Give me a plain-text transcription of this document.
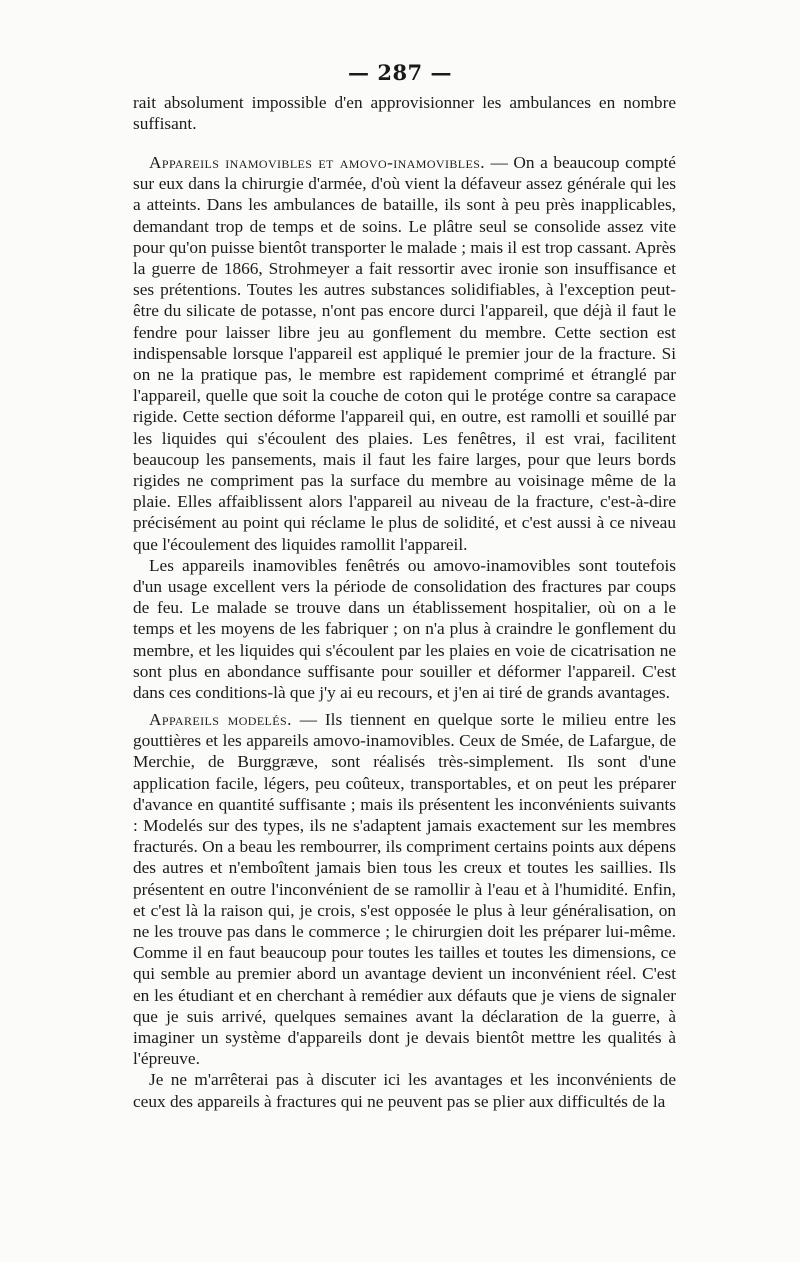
— 287 —

rait absolument impossible d'en approvisionner les ambulances en nombre suffisant.

Appareils inamovibles et amovo-inamovibles. — On a beaucoup compté sur eux dans la chirurgie d'armée, d'où vient la défaveur assez générale qui les a atteints. Dans les ambulances de bataille, ils sont à peu près inapplicables, demandant trop de temps et de soins. Le plâtre seul se consolide assez vite pour qu'on puisse bientôt transporter le malade ; mais il est trop cassant. Après la guerre de 1866, Strohmeyer a fait ressortir avec ironie son insuffisance et ses prétentions. Toutes les autres substances solidifiables, à l'exception peut-être du silicate de potasse, n'ont pas encore durci l'appareil, que déjà il faut le fendre pour laisser libre jeu au gonflement du membre. Cette section est indispensable lorsque l'appareil est appliqué le premier jour de la fracture. Si on ne la pratique pas, le membre est rapidement comprimé et étranglé par l'appareil, quelle que soit la couche de coton qui le protége contre sa carapace rigide. Cette section déforme l'appareil qui, en outre, est ramolli et souillé par les liquides qui s'écoulent des plaies. Les fenêtres, il est vrai, facilitent beaucoup les pansements, mais il faut les faire larges, pour que leurs bords rigides ne compriment pas la surface du membre au voisinage même de la plaie. Elles affaiblissent alors l'appareil au niveau de la fracture, c'est-à-dire précisément au point qui réclame le plus de solidité, et c'est aussi à ce niveau que l'écoulement des liquides ramollit l'appareil.

Les appareils inamovibles fenêtrés ou amovo-inamovibles sont toutefois d'un usage excellent vers la période de consolidation des fractures par coups de feu. Le malade se trouve dans un établissement hospitalier, où on a le temps et les moyens de les fabriquer ; on n'a plus à craindre le gonflement du membre, et les liquides qui s'écoulent par les plaies en voie de cicatrisation ne sont plus en abondance suffisante pour souiller et déformer l'appareil. C'est dans ces conditions-là que j'y ai eu recours, et j'en ai tiré de grands avantages.

Appareils modelés. — Ils tiennent en quelque sorte le milieu entre les gouttières et les appareils amovo-inamovibles. Ceux de Smée, de Lafargue, de Merchie, de Burggræve, sont réalisés très-simplement. Ils sont d'une application facile, légers, peu coûteux, transportables, et on peut les préparer d'avance en quantité suffisante ; mais ils présentent les inconvénients suivants : Modelés sur des types, ils ne s'adaptent jamais exactement sur les membres fracturés. On a beau les rembourrer, ils compriment certains points aux dépens des autres et n'emboîtent jamais bien tous les creux et toutes les saillies. Ils présentent en outre l'inconvénient de se ramollir à l'eau et à l'humidité. Enfin, et c'est là la raison qui, je crois, s'est opposée le plus à leur généralisation, on ne les trouve pas dans le commerce ; le chirurgien doit les préparer lui-même. Comme il en faut beaucoup pour toutes les tailles et toutes les dimensions, ce qui semble au premier abord un avantage devient un inconvénient réel. C'est en les étudiant et en cherchant à remédier aux défauts que je viens de signaler que je suis arrivé, quelques semaines avant la déclaration de la guerre, à imaginer un système d'appareils dont je devais bientôt mettre les qualités à l'épreuve.

Je ne m'arrêterai pas à discuter ici les avantages et les inconvénients de ceux des appareils à fractures qui ne peuvent pas se plier aux difficultés de la
